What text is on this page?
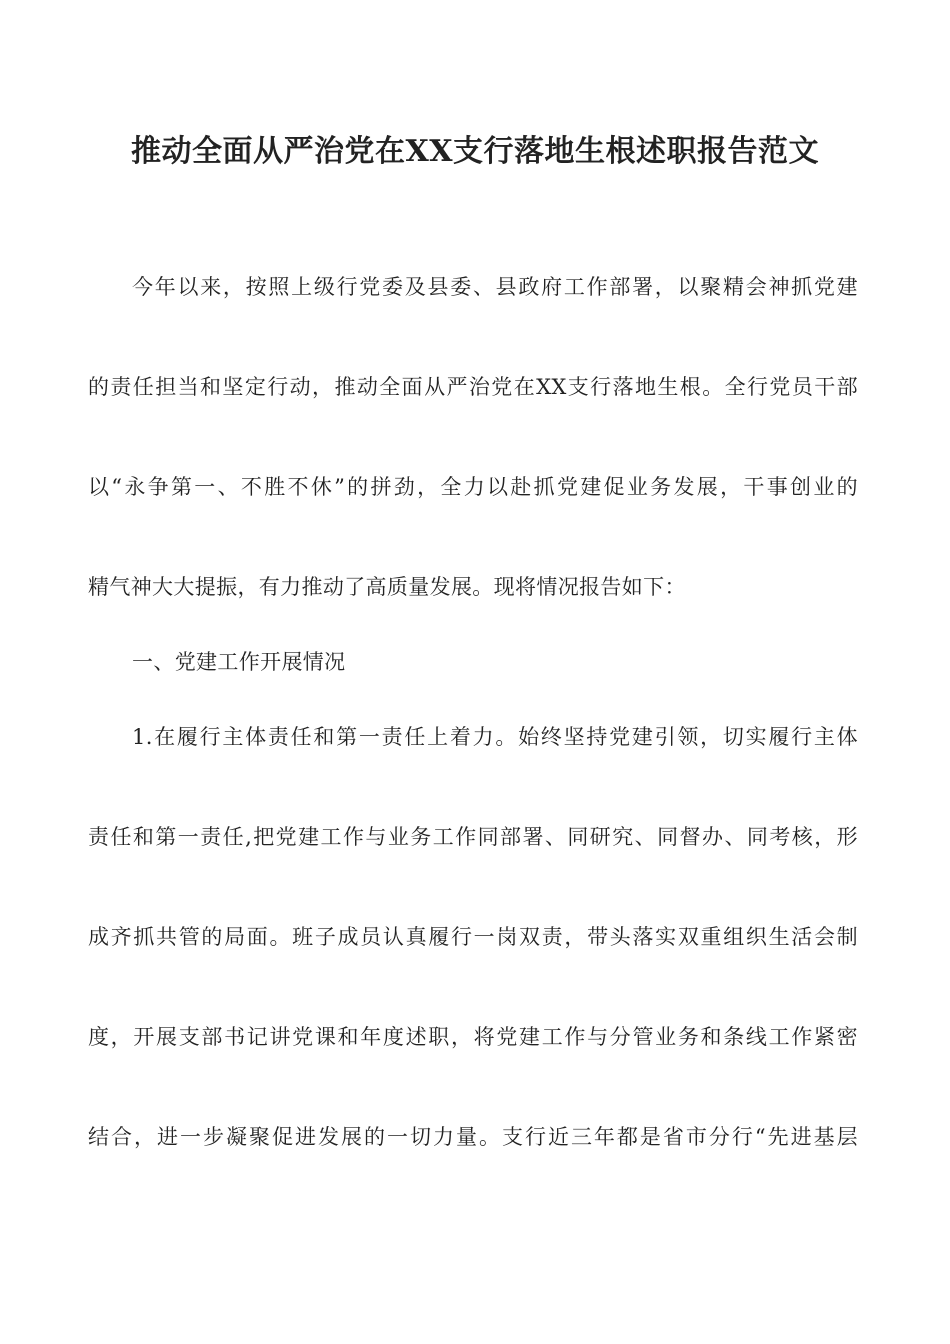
推动全面从严治党在XX支行落地生根述职报告范文
今年以来，按照上级行党委及县委、县政府工作部署，以聚精会神抓党建
的责任担当和坚定行动，推动全面从严治党在XX支行落地生根。全行党员干部
以“永争第一、不胜不休”的拼劲，全力以赴抓党建促业务发展，干事创业的
精气神大大提振，有力推动了高质量发展。现将情况报告如下：
一、党建工作开展情况
1.在履行主体责任和第一责任上着力。始终坚持党建引领，切实履行主体
责任和第一责任,把党建工作与业务工作同部署、同研究、同督办、同考核，形
成齐抓共管的局面。班子成员认真履行一岗双责，带头落实双重组织生活会制
度，开展支部书记讲党课和年度述职，将党建工作与分管业务和条线工作紧密
结合，进一步凝聚促进发展的一切力量。支行近三年都是省市分行“先进基层
